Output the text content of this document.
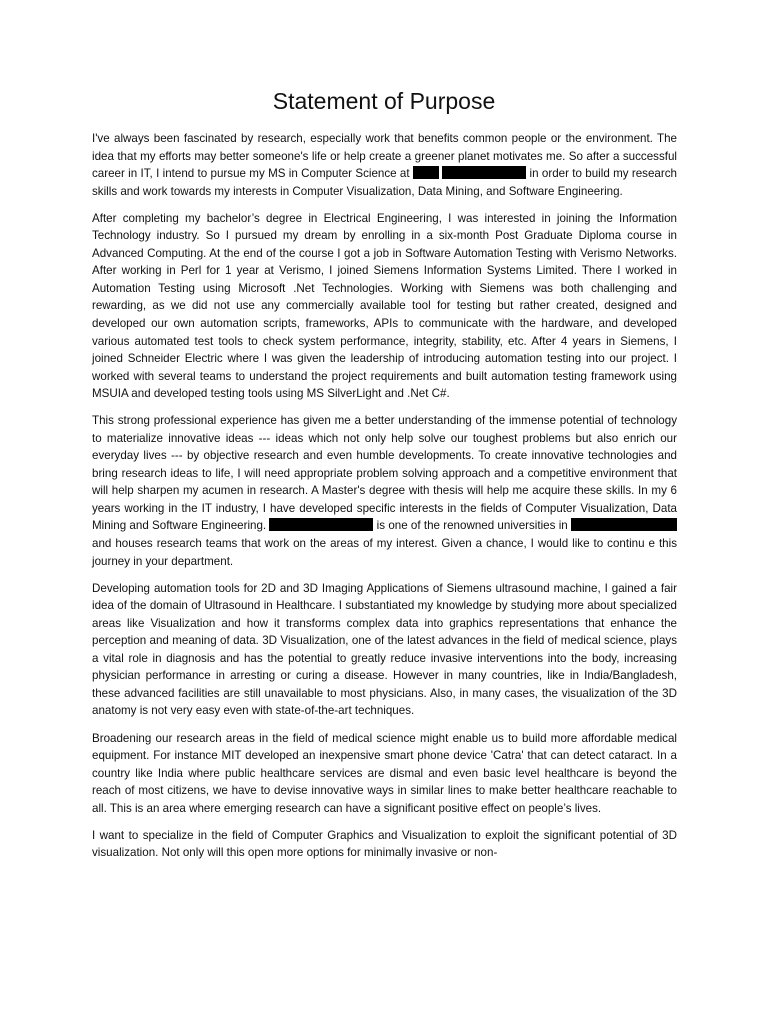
Statement of Purpose

I've always been fascinated by research, especially work that benefits common people or the environment. The idea that my efforts may better someone's life or help create a greener planet motivates me. So after a successful career in IT, I intend to pursue my MS in Computer Science at	in order to build my research skills and work towards my interests in Computer Visualization, Data Mining, and Software Engineering.

After completing my bachelor’s degree in Electrical Engineering, I was interested in joining the Information Technology industry. So I pursued my dream by enrolling in a six-month Post Graduate Diploma course in Advanced Computing. At the end of the course I got a job in Software Automation Testing with Verismo Networks. After working in Perl for 1 year at Verismo, I joined Siemens Information Systems Limited. There I worked in Automation Testing using Microsoft .Net Technologies. Working with Siemens was both challenging and rewarding, as we did not use any commercially available tool for testing but rather created, designed and developed our own automation scripts, frameworks, APIs to communicate with the hardware, and developed various automated test tools to check system performance, integrity, stability, etc. After 4 years in Siemens, I joined Schneider Electric where I was given the leadership of introducing automation testing into our project. I worked with several teams to understand the project requirements and built automation testing framework using MSUIA and developed testing tools using MS SilverLight and .Net C#.

This strong professional experience has given me a better understanding of the immense potential of technology to materialize innovative ideas --- ideas which not only help solve our toughest problems but also enrich our everyday lives --- by objective research and even humble developments. To create innovative technologies and bring research ideas to life, I will need appropriate problem solving approach and a competitive environment that will help sharpen my acumen in research. A Master's degree with thesis will help me acquire these skills. In my 6 years working in the IT industry, I have developed specific interests in the fields of Computer Visualization, Data Mining and Software Engineering.	is one of the renowned universities in  and houses research teams that work on the areas of my interest. Given a chance, I would like to continu e this journey in your department.

Developing automation tools for 2D and 3D Imaging Applications of Siemens ultrasound machine, I gained a fair idea of the domain of Ultrasound in Healthcare. I substantiated my knowledge by studying more about specialized areas like Visualization and how it transforms complex data into graphics representations that enhance the perception and meaning of data. 3D Visualization, one of the latest advances in the field of medical science, plays a vital role in diagnosis and has the potential to greatly reduce invasive interventions into the body, increasing physician performance in arresting or curing a disease. However in many countries, like in India/Bangladesh, these advanced facilities are still unavailable to most physicians. Also, in many cases, the visualization of the 3D anatomy is not very easy even with state-of-the-art techniques.

Broadening our research areas in the field of medical science might enable us to build more affordable medical equipment. For instance MIT developed an inexpensive smart phone device 'Catra' that can detect cataract. In a country like India where public healthcare services are dismal and even basic level healthcare is beyond the reach of most citizens, we have to devise innovative ways in similar lines to make better healthcare reachable to all. This is an area where emerging research can have a significant positive effect on people’s lives.

I want to specialize in the field of Computer Graphics and Visualization to exploit the significant potential of 3D visualization. Not only will this open more options for minimally invasive or non-
